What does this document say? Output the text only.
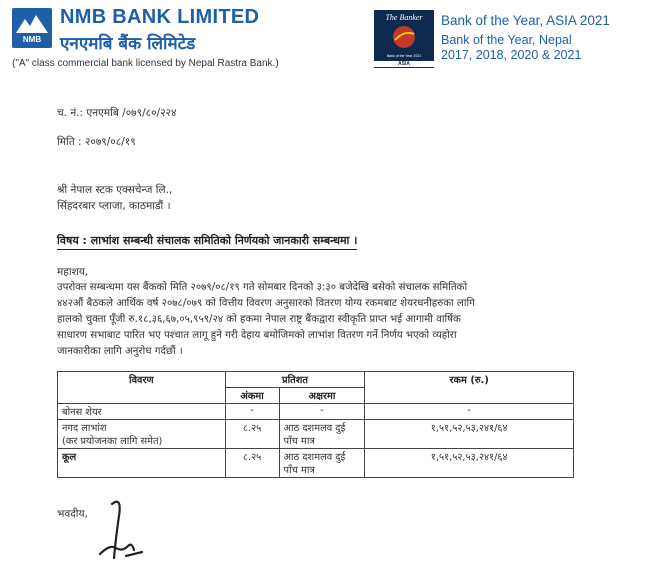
NMB
NMB BANK LIMITED
एनएमबि बैंक लिमिटेड
("A" class commercial bank licensed by Nepal Rastra Bank.)
The Banker
Bank of the Year 2021
ASIA
Bank of the Year, ASIA 2021
Bank of the Year, Nepal
2017, 2018, 2020 & 2021
च. नं.: एनएमबि /०७९/८०/२२४
मिति : २०७९/०८/१९
श्री नेपाल स्टक एक्सचेन्ज लि.,
सिंहदरबार प्लाजा, काठमाडौं ।
विषय : लाभांश सम्बन्धी संचालक समितिको निर्णयको जानकारी सम्बन्धमा ।
महाशय,
उपरोक्त सम्बन्धमा यस बैंकको मिति २०७९/०८/१९ गते सोमबार दिनको ३:३० बजेदेखि बसेको संचालक समितिको
४४२औं बैठकले आर्थिक वर्ष २०७८/०७९ को वित्तीय विवरण अनुसारको वितरण योग्य रकमबाट शेयरधनीहरुका लागि
हालको चुक्ता पूँजी रु.१८,३६,६७,०५,९५९/२४ को हकमा नेपाल राष्ट्र बैंकद्वारा स्वीकृति प्राप्त भई आगामी वार्षिक
साधारण सभाबाट पारित भए पश्चात लागू हुने गरी देहाय बमोजिमको लाभांश वितरण गर्ने निर्णय भएको व्यहोरा
जानकारीका लागि अनुरोध गर्दछौं ।
विवरण	प्रतिशत		रकम (रु.)
	अंकमा	अक्षरमा	
बोनस शेयर	-	-	-

नगद लाभांश
(कर प्रयोजनका लागि समेत)	८.२५	आठ दशमलव दुई पाँच मात्र	१,५१,५२,५३,२४१/६४
कूल	८.२५	आठ दशमलव दुई पाँच मात्र	१,५१,५२,५३,२४१/६४
भवदीय,
